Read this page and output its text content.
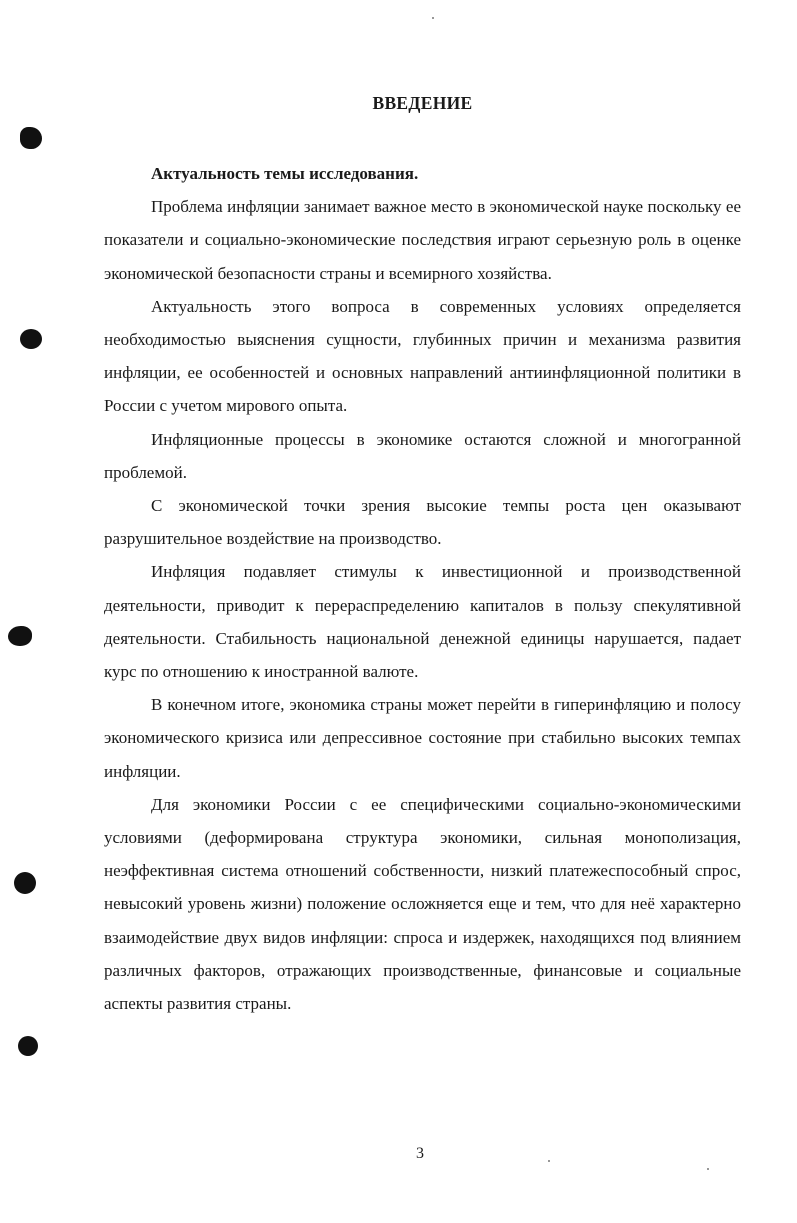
ВВЕДЕНИЕ

Актуальность темы исследования.

Проблема инфляции занимает важное место в экономической науке поскольку ее показатели и социально-экономические последствия играют серьезную роль в оценке экономической безопасности страны и всемирного хозяйства.

Актуальность этого вопроса в современных условиях определяется необходимостью выяснения сущности, глубинных причин и механизма развития инфляции, ее особенностей и основных направлений антиинфляционной политики в России с учетом мирового опыта.

Инфляционные процессы в экономике остаются сложной и многогранной проблемой.

С экономической точки зрения высокие темпы роста цен оказывают разрушительное воздействие на производство.

Инфляция подавляет стимулы к инвестиционной и производственной деятельности, приводит к перераспределению капиталов в пользу спекулятивной деятельности. Стабильность национальной денежной единицы нарушается, падает курс по отношению к иностранной валюте.

В конечном итоге, экономика страны может перейти в гиперинфляцию и полосу экономического кризиса или депрессивное состояние при стабильно высоких темпах инфляции.

Для экономики России с ее специфическими социально-экономическими условиями (деформирована структура экономики, сильная монополизация, неэффективная система отношений собственности, низкий платежеспособный спрос, невысокий уровень жизни) положение осложняется еще и тем, что для неё характерно взаимодействие двух видов инфляции: спроса и издержек, находящихся под влиянием различных факторов, отражающих производственные, финансовые и социальные аспекты развития страны.

3
